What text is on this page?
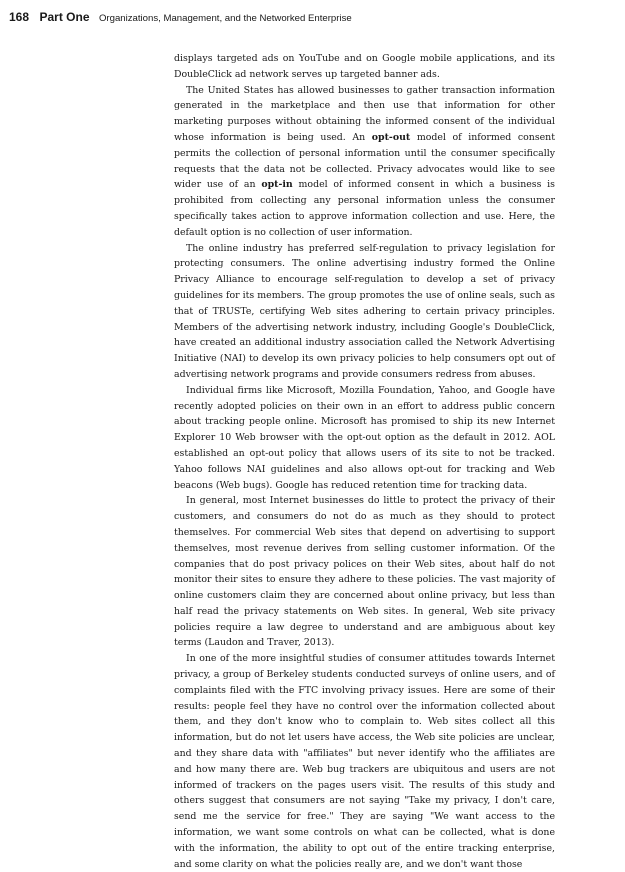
168 Part One Organizations, Management, and the Networked Enterprise

displays targeted ads on YouTube and on Google mobile applications, and its DoubleClick ad network serves up targeted banner ads.

The United States has allowed businesses to gather transaction information generated in the marketplace and then use that information for other marketing purposes without obtaining the informed consent of the individual whose information is being used. An opt-out model of informed consent permits the collection of personal information until the consumer specifically requests that the data not be collected. Privacy advocates would like to see wider use of an opt-in model of informed consent in which a business is prohibited from collecting any personal information unless the consumer specifically takes action to approve information collection and use. Here, the default option is no collection of user information.

The online industry has preferred self-regulation to privacy legislation for protecting consumers. The online advertising industry formed the Online Privacy Alliance to encourage self-regulation to develop a set of privacy guidelines for its members. The group promotes the use of online seals, such as that of TRUSTe, certifying Web sites adhering to certain privacy principles. Members of the advertising network industry, including Google's DoubleClick, have created an additional industry association called the Network Advertising Initiative (NAI) to develop its own privacy policies to help consumers opt out of advertising network programs and provide consumers redress from abuses.

Individual firms like Microsoft, Mozilla Foundation, Yahoo, and Google have recently adopted policies on their own in an effort to address public concern about tracking people online. Microsoft has promised to ship its new Internet Explorer 10 Web browser with the opt-out option as the default in 2012. AOL established an opt-out policy that allows users of its site to not be tracked. Yahoo follows NAI guidelines and also allows opt-out for tracking and Web beacons (Web bugs). Google has reduced retention time for tracking data.

In general, most Internet businesses do little to protect the privacy of their customers, and consumers do not do as much as they should to protect themselves. For commercial Web sites that depend on advertising to support themselves, most revenue derives from selling customer information. Of the companies that do post privacy polices on their Web sites, about half do not monitor their sites to ensure they adhere to these policies. The vast majority of online customers claim they are concerned about online privacy, but less than half read the privacy statements on Web sites. In general, Web site privacy policies require a law degree to understand and are ambiguous about key terms (Laudon and Traver, 2013).

In one of the more insightful studies of consumer attitudes towards Internet privacy, a group of Berkeley students conducted surveys of online users, and of complaints filed with the FTC involving privacy issues. Here are some of their results: people feel they have no control over the information collected about them, and they don't know who to complain to. Web sites collect all this information, but do not let users have access, the Web site policies are unclear, and they share data with "affiliates" but never identify who the affiliates are and how many there are. Web bug trackers are ubiquitous and users are not informed of trackers on the pages users visit. The results of this study and others suggest that consumers are not saying "Take my privacy, I don't care, send me the service for free." They are saying "We want access to the information, we want some controls on what can be collected, what is done with the information, the ability to opt out of the entire tracking enterprise, and some clarity on what the policies really are, and we don't want those
